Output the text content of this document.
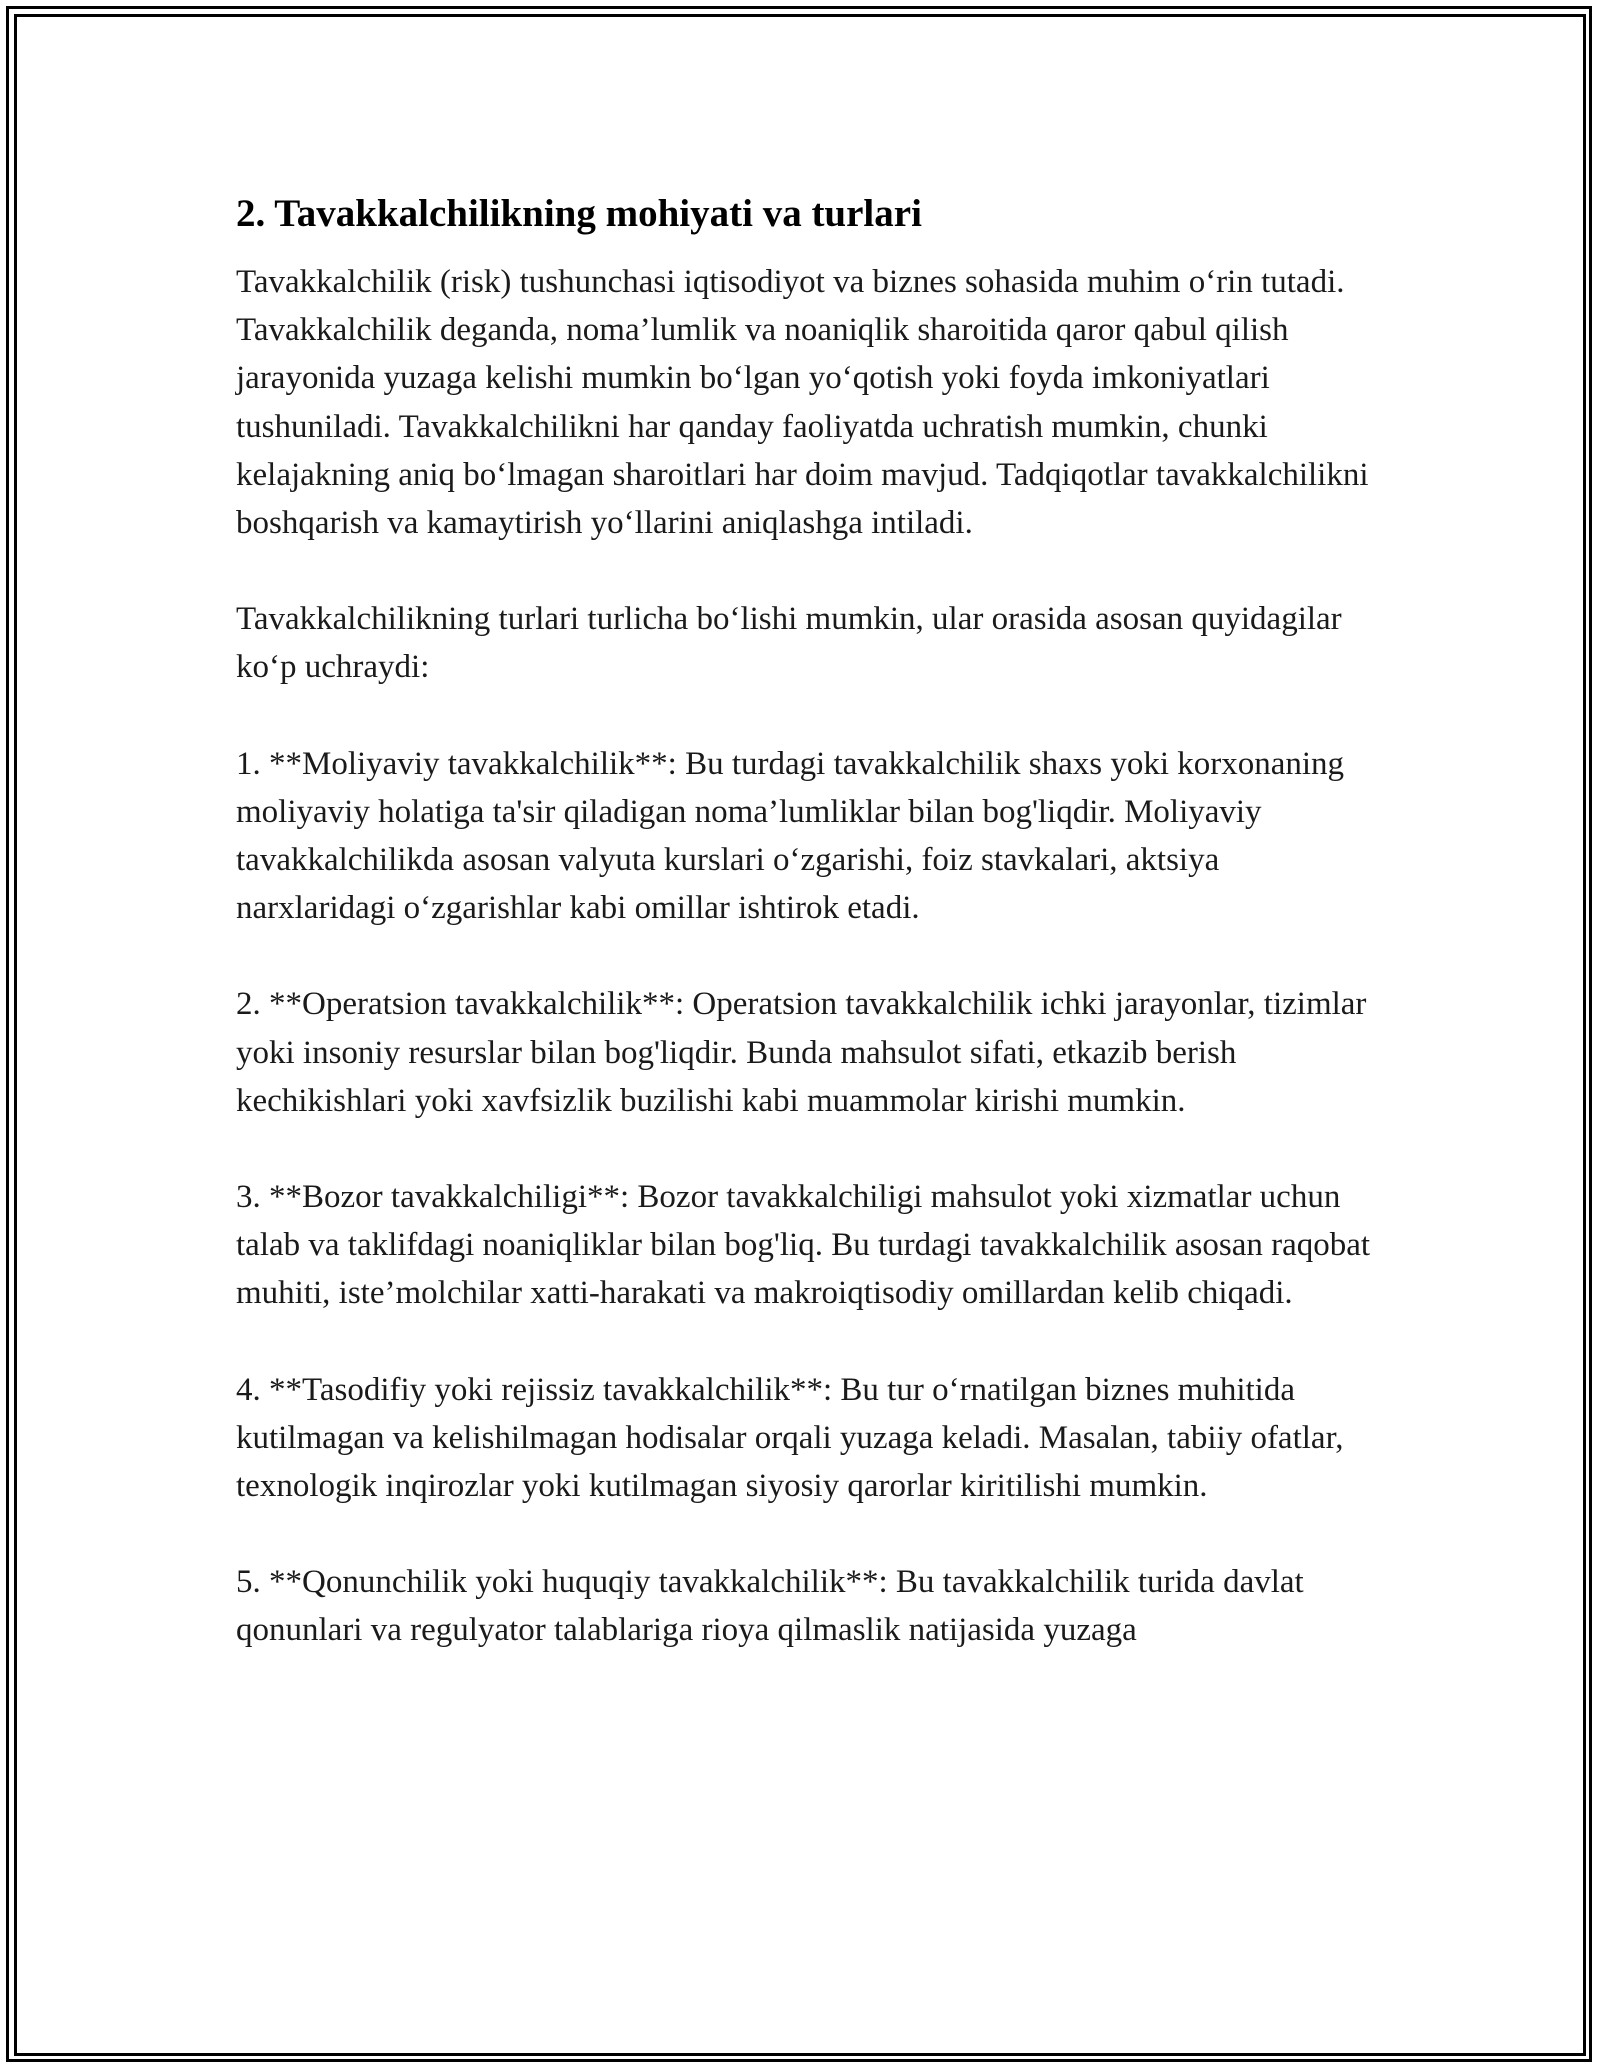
2. Tavakkalchilikning mohiyati va turlari

Tavakkalchilik (risk) tushunchasi iqtisodiyot va biznes sohasida muhim o‘rin tutadi. Tavakkalchilik deganda, noma’lumlik va noaniqlik sharoitida qaror qabul qilish jarayonida yuzaga kelishi mumkin bo‘lgan yo‘qotish yoki foyda imkoniyatlari tushuniladi. Tavakkalchilikni har qanday faoliyatda uchratish mumkin, chunki kelajakning aniq bo‘lmagan sharoitlari har doim mavjud. Tadqiqotlar tavakkalchilikni boshqarish va kamaytirish yo‘llarini aniqlashga intiladi.

Tavakkalchilikning turlari turlicha bo‘lishi mumkin, ular orasida asosan quyidagilar ko‘p uchraydi:

1. **Moliyaviy tavakkalchilik**: Bu turdagi tavakkalchilik shaxs yoki korxonaning moliyaviy holatiga ta'sir qiladigan noma’lumliklar bilan bog'liqdir. Moliyaviy tavakkalchilikda asosan valyuta kurslari o‘zgarishi, foiz stavkalari, aktsiya narxlaridagi o‘zgarishlar kabi omillar ishtirok etadi.

2. **Operatsion tavakkalchilik**: Operatsion tavakkalchilik ichki jarayonlar, tizimlar yoki insoniy resurslar bilan bog'liqdir. Bunda mahsulot sifati, etkazib berish kechikishlari yoki xavfsizlik buzilishi kabi muammolar kirishi mumkin.

3. **Bozor tavakkalchiligi**: Bozor tavakkalchiligi mahsulot yoki xizmatlar uchun talab va taklifdagi noaniqliklar bilan bog'liq. Bu turdagi tavakkalchilik asosan raqobat muhiti, iste’molchilar xatti-harakati va makroiqtisodiy omillardan kelib chiqadi.

4. **Tasodifiy yoki rejissiz tavakkalchilik**: Bu tur o‘rnatilgan biznes muhitida kutilmagan va kelishilmagan hodisalar orqali yuzaga keladi. Masalan, tabiiy ofatlar, texnologik inqirozlar yoki kutilmagan siyosiy qarorlar kiritilishi mumkin.

5. **Qonunchilik yoki huquqiy tavakkalchilik**: Bu tavakkalchilik turida davlat qonunlari va regulyator talablariga rioya qilmaslik natijasida yuzaga
